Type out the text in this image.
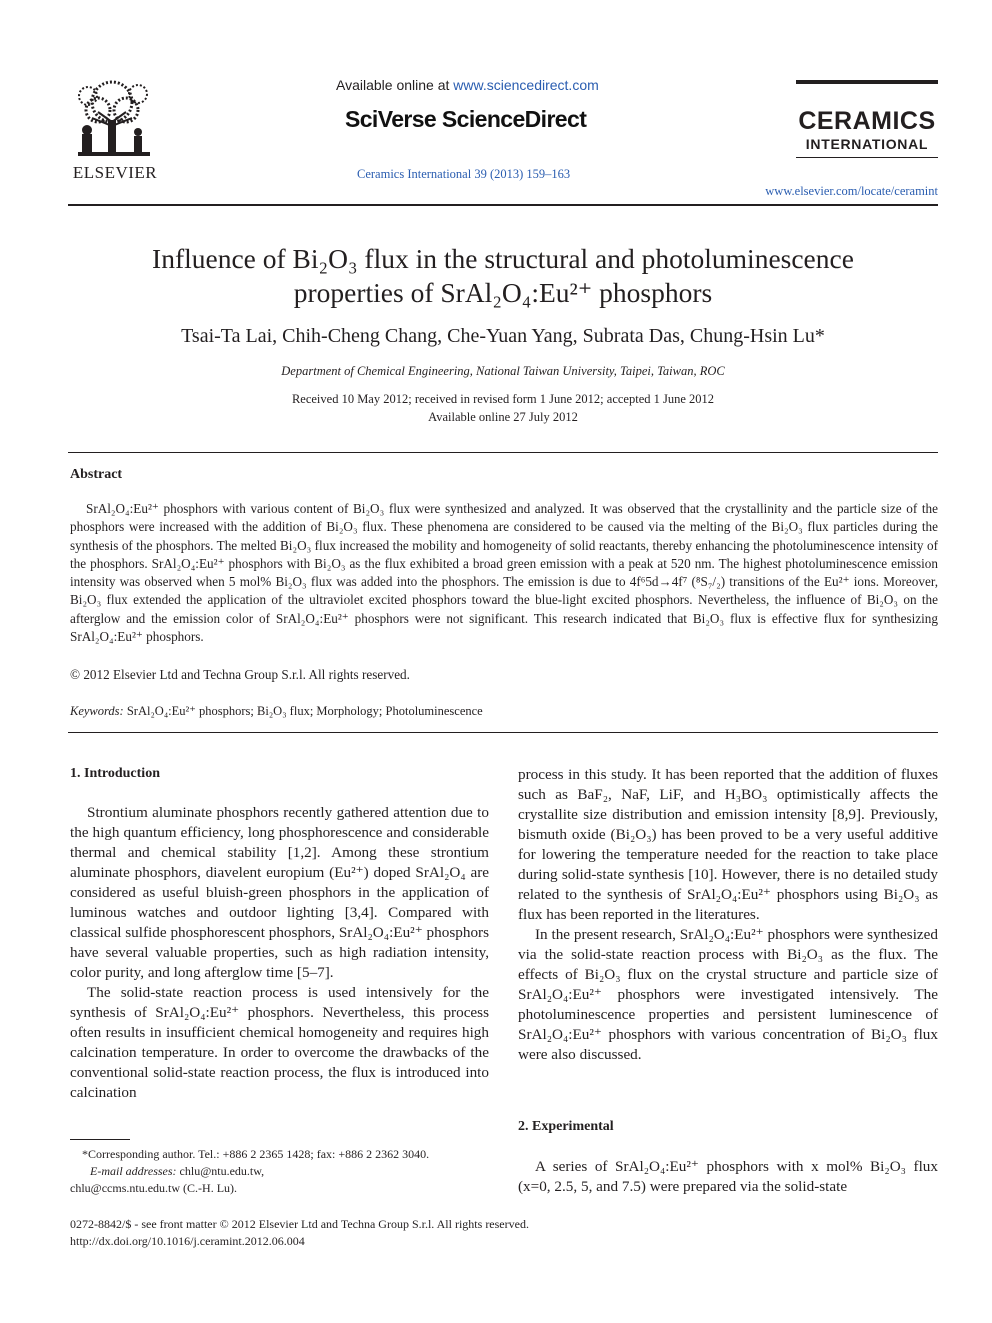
ELSEVIER
Available online at www.sciencedirect.com
SciVerse ScienceDirect
Ceramics International 39 (2013) 159–163
CERAMICS
INTERNATIONAL
www.elsevier.com/locate/ceramint
Influence of Bi₂O₃ flux in the structural and photoluminescence
properties of SrAl₂O₄:Eu²⁺ phosphors
Tsai-Ta Lai, Chih-Cheng Chang, Che-Yuan Yang, Subrata Das, Chung-Hsin Lu*
Department of Chemical Engineering, National Taiwan University, Taipei, Taiwan, ROC
Received 10 May 2012; received in revised form 1 June 2012; accepted 1 June 2012
Available online 27 July 2012
Abstract
SrAl₂O₄:Eu²⁺ phosphors with various content of Bi₂O₃ flux were synthesized and analyzed. It was observed that the crystallinity and the particle size of the phosphors were increased with the addition of Bi₂O₃ flux. These phenomena are considered to be caused via the melting of the Bi₂O₃ flux particles during the synthesis of the phosphors. The melted Bi₂O₃ flux increased the mobility and homogeneity of solid reactants, thereby enhancing the photoluminescence intensity of the phosphors. SrAl₂O₄:Eu²⁺ phosphors with Bi₂O₃ as the flux exhibited a broad green emission with a peak at 520 nm. The highest photoluminescence emission intensity was observed when 5 mol% Bi₂O₃ flux was added into the phosphors. The emission is due to 4f⁶5d→4f⁷ (⁸S₇/₂) transitions of the Eu²⁺ ions. Moreover, Bi₂O₃ flux extended the application of the ultraviolet excited phosphors toward the blue-light excited phosphors. Nevertheless, the influence of Bi₂O₃ on the afterglow and the emission color of SrAl₂O₄:Eu²⁺ phosphors were not significant. This research indicated that Bi₂O₃ flux is effective flux for synthesizing SrAl₂O₄:Eu²⁺ phosphors.
© 2012 Elsevier Ltd and Techna Group S.r.l. All rights reserved.
Keywords: SrAl₂O₄:Eu²⁺ phosphors; Bi₂O₃ flux; Morphology; Photoluminescence
1. Introduction

Strontium aluminate phosphors recently gathered attention due to the high quantum efficiency, long phosphorescence and considerable thermal and chemical stability [1,2]. Among these strontium aluminate phosphors, diavelent europium (Eu²⁺) doped SrAl₂O₄ are considered as useful bluish-green phosphors in the application of luminous watches and outdoor lighting [3,4]. Compared with classical sulfide phosphorescent phosphors, SrAl₂O₄:Eu²⁺ phosphors have several valuable properties, such as high radiation intensity, color purity, and long afterglow time [5–7].

The solid-state reaction process is used intensively for the synthesis of SrAl₂O₄:Eu²⁺ phosphors. Nevertheless, this process often results in insufficient chemical homogeneity and requires high calcination temperature. In order to overcome the drawbacks of the conventional solid-state reaction process, the flux is introduced into calcination

process in this study. It has been reported that the addition of fluxes such as BaF₂, NaF, LiF, and H₃BO₃ optimistically affects the crystallite size distribution and emission intensity [8,9]. Previously, bismuth oxide (Bi₂O₃) has been proved to be a very useful additive for lowering the temperature needed for the reaction to take place during solid-state synthesis [10]. However, there is no detailed study related to the synthesis of SrAl₂O₄:Eu²⁺ phosphors using Bi₂O₃ as flux has been reported in the literatures.

In the present research, SrAl₂O₄:Eu²⁺ phosphors were synthesized via the solid-state reaction process with Bi₂O₃ as the flux. The effects of Bi₂O₃ flux on the crystal structure and particle size of SrAl₂O₄:Eu²⁺ phosphors were investigated intensively. The photoluminescence properties and persistent luminescence of SrAl₂O₄:Eu²⁺ phosphors with various concentration of Bi₂O₃ flux were also discussed.

2. Experimental

A series of SrAl₂O₄:Eu²⁺ phosphors with x mol% Bi₂O₃ flux (x=0, 2.5, 5, and 7.5) were prepared via the solid-state

*Corresponding author. Tel.: +886 2 2365 1428; fax: +886 2 2362 3040.
E-mail addresses: chlu@ntu.edu.tw,
chlu@ccms.ntu.edu.tw (C.-H. Lu).
0272-8842/$ - see front matter © 2012 Elsevier Ltd and Techna Group S.r.l. All rights reserved.
http://dx.doi.org/10.1016/j.ceramint.2012.06.004
